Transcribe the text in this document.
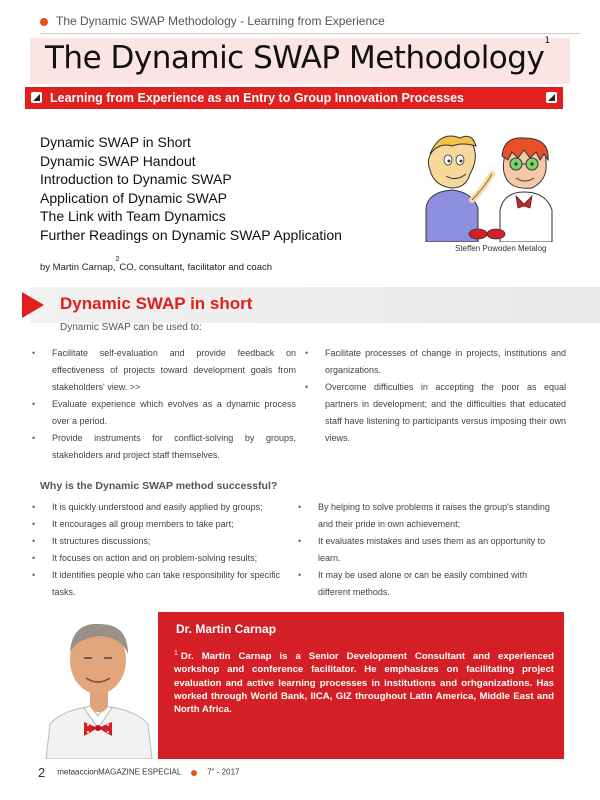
The Dynamic SWAP Methodology - Learning from Experience
The Dynamic SWAP Methodology$^1$
Learning from Experience as an Entry to Group Innovation Processes
Dynamic SWAP in Short
Dynamic SWAP Handout
Introduction to Dynamic SWAP
Application of Dynamic SWAP
The Link with Team Dynamics
Further Readings on Dynamic SWAP Application
Steffen Powoden Metalog
by Martin Carnap,$^2$CO, consultant, facilitator and coach
Dynamic SWAP in short
Dynamic SWAP can be used to:
• Facilitate self-evaluation and provide feedback on effectiveness of projects toward development goals from stakeholders' view. >>
• Evaluate experience which evolves as a dynamic process over a period.
• Provide instruments for conflict-solving by groups, stakeholders and project staff themselves.
• Facilitate processes of change in projects, institutions and organizations.
• Overcome difficulties in accepting the poor as equal partners in development; and the difficulties that educated staff have listening to participants versus imposing their own views.
Why is the Dynamic SWAP method successful?
• It is quickly understood and easily applied by groups;
• It encourages all group members to take part;
• It structures discussions;
• It focuses on action and on problem-solving results;
• It identifies people who can take responsibility for specific tasks.
• By helping to solve problems it raises the group's standing and their pride in own achievement;
• It evaluates mistakes and uses them as an opportunity to learn.
• It may be used alone or can be easily combined with different methods.
Dr. Martin Carnap
$^1$ Dr. Martin Carnap is a Senior Development Consultant and experienced workshop and conference facilitator. He emphasizes on facilitating project evaluation and active learning processes in institutions and orhganizations. Has worked through World Bank, IICA, GIZ throughout Latin America, Middle East and North Africa.
2 metaaccionMAGAZINE ESPECIAL	7" - 2017
